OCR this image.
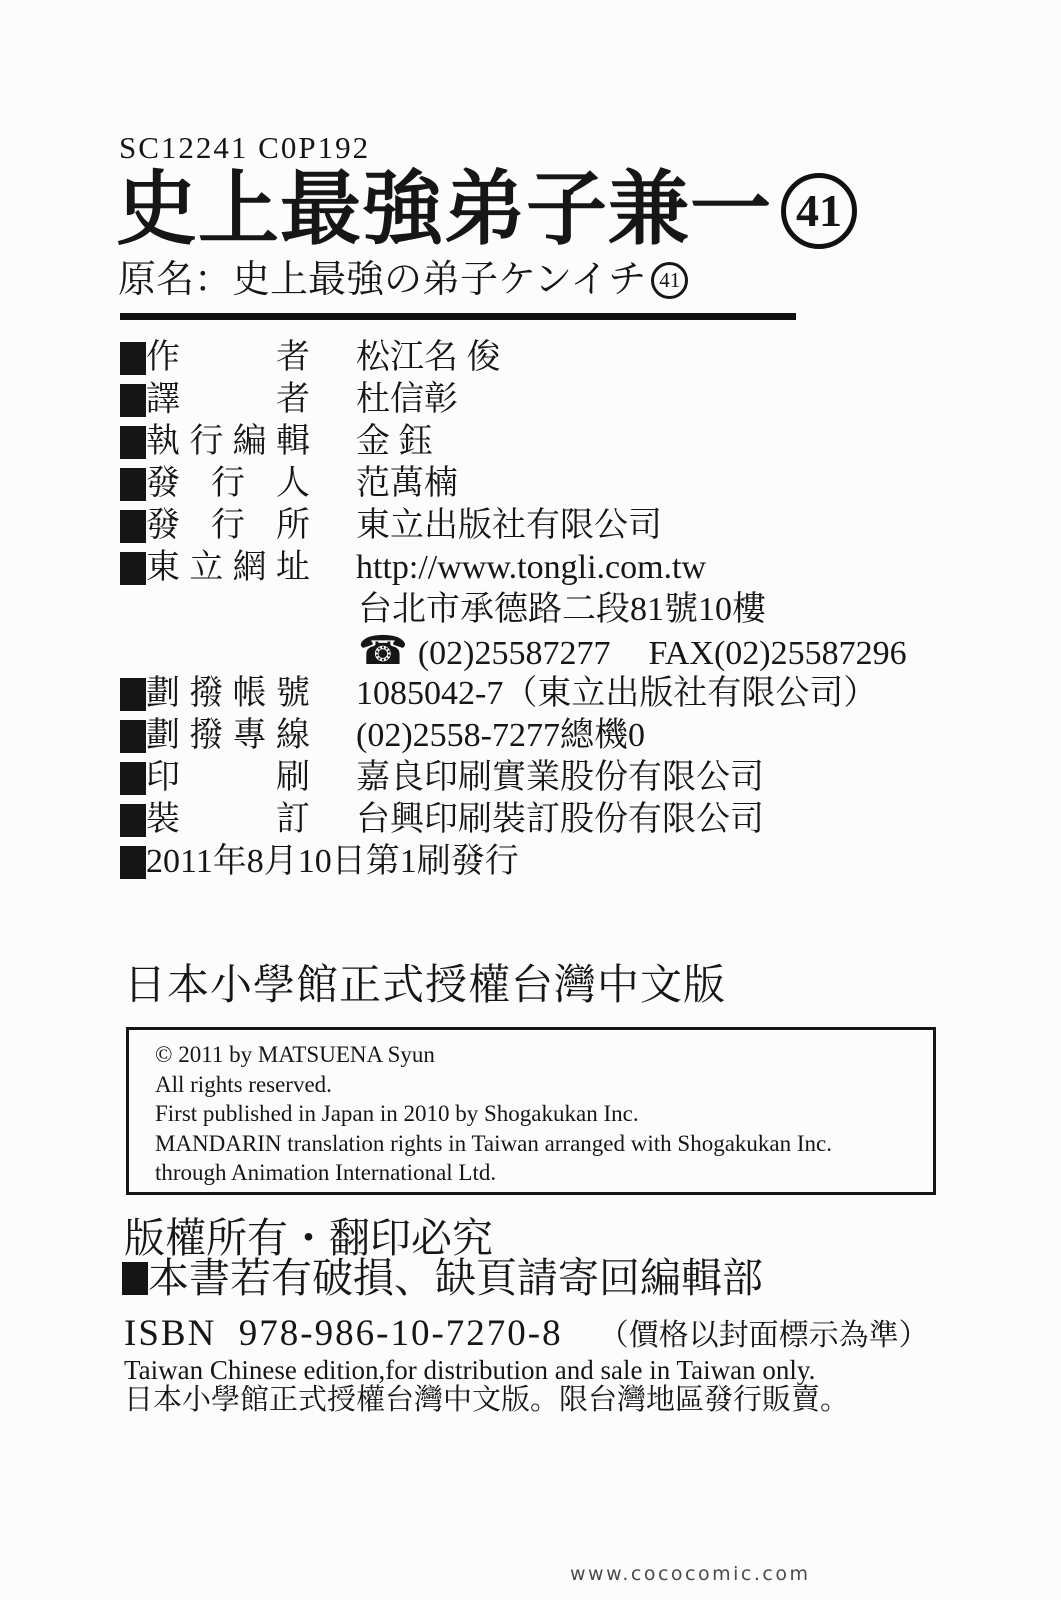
SC12241 C0P192
史上最強弟子兼一 41
原名：史上最強の弟子ケンイチ 41
作	者 松江名 俊
譯	者 杜信彰
執 行 編 輯 金 鈺
發 行 人 范萬楠
發 行 所 東立出版社有限公司
東 立 網 址 http://www.tongli.com.tw
台北市承德路二段81號10樓
☎ (02)25587277 FAX(02)25587296
劃 撥 帳 號 1085042-7（東立出版社有限公司）
劃 撥 專 線 (02)2558-7277總機0
印	刷 嘉良印刷實業股份有限公司
裝	訂 台興印刷裝訂股份有限公司
2011年8月10日第1刷發行
日本小學館正式授權台灣中文版
© 2011 by MATSUENA Syun
All rights reserved.
First published in Japan in 2010 by Shogakukan Inc.
MANDARIN translation rights in Taiwan arranged with Shogakukan Inc.
through Animation International Ltd.
版權所有・翻印必究
本書若有破損、缺頁請寄回編輯部
ISBN  978-986-10-7270-8 （價格以封面標示為準）
Taiwan Chinese edition,for distribution and sale in Taiwan only.
日本小學館正式授權台灣中文版。限台灣地區發行販賣。
www.cococomic.com
